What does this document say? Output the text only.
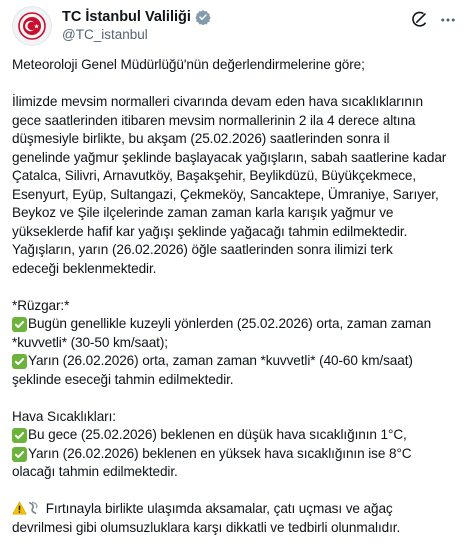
TC İstanbul Valiliği
@TC_istanbul
Meteoroloji Genel Müdürlüğü'nün değerlendirmelerine göre;
İlimizde mevsim normalleri civarında devam eden hava sıcaklıklarının
gece saatlerinden itibaren mevsim normallerinin 2 ila 4 derece altına
düşmesiyle birlikte, bu akşam (25.02.2026) saatlerinden sonra il
genelinde yağmur şeklinde başlayacak yağışların, sabah saatlerine kadar
Çatalca, Silivri, Arnavutköy, Başakşehir, Beylikdüzü, Büyükçekmece,
Esenyurt, Eyüp, Sultangazi, Çekmeköy, Sancaktepe, Ümraniye, Sarıyer,
Beykoz ve Şile ilçelerinde zaman zaman karla karışık yağmur ve
yükseklerde hafif kar yağışı şeklinde yağacağı tahmin edilmektedir.
Yağışların, yarın (26.02.2026) öğle saatlerinden sonra ilimizi terk
edeceği beklenmektedir.
*Rüzgar:*
Bugün genellikle kuzeyli yönlerden (25.02.2026) orta, zaman zaman
*kuvvetli* (30-50 km/saat);
Yarın (26.02.2026) orta, zaman zaman *kuvvetli* (40-60 km/saat)
şeklinde eseceği tahmin edilmektedir.
Hava Sıcaklıkları:
Bu gece (25.02.2026) beklenen en düşük hava sıcaklığının 1°C,
Yarın (26.02.2026) beklenen en yüksek hava sıcaklığının ise 8°C
olacağı tahmin edilmektedir.
Fırtınayla birlikte ulaşımda aksamalar, çatı uçması ve ağaç
devrilmesi gibi olumsuzluklara karşı dikkatli ve tedbirli olunmalıdır.
